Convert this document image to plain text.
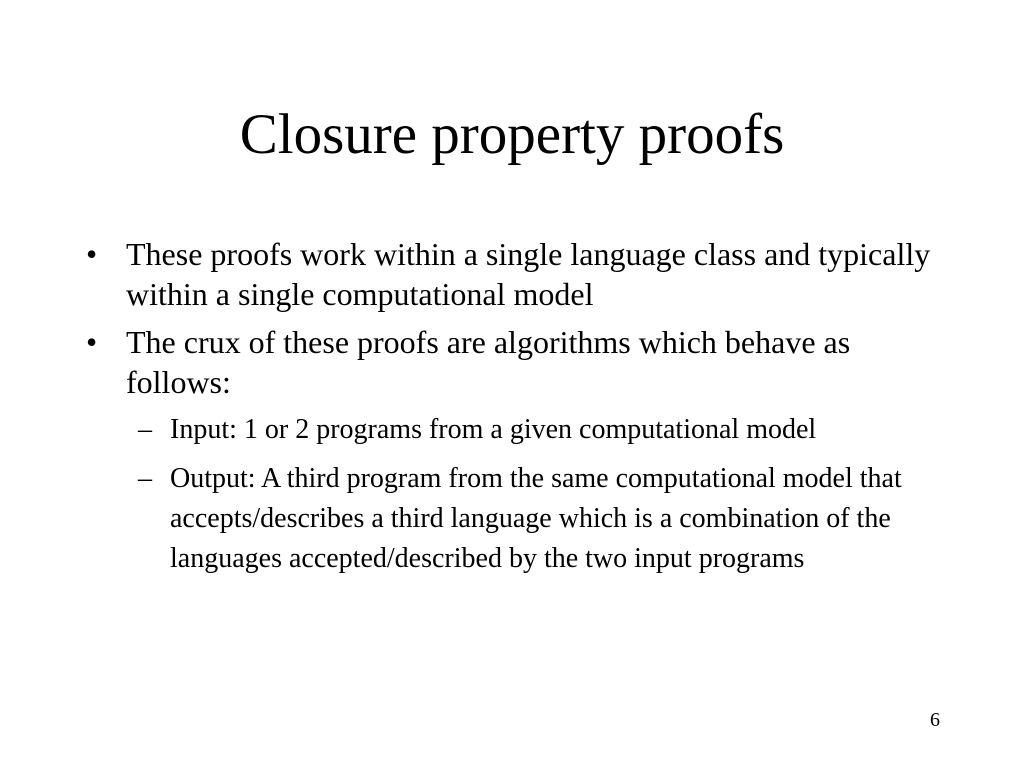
Closure property proofs
• These proofs work within a single language class and typically within a single computational model
• The crux of these proofs are algorithms which behave as follows:
– Input: 1 or 2 programs from a given computational model
– Output: A third program from the same computational model that accepts/describes a third language which is a combination of the languages accepted/described by the two input programs
6
